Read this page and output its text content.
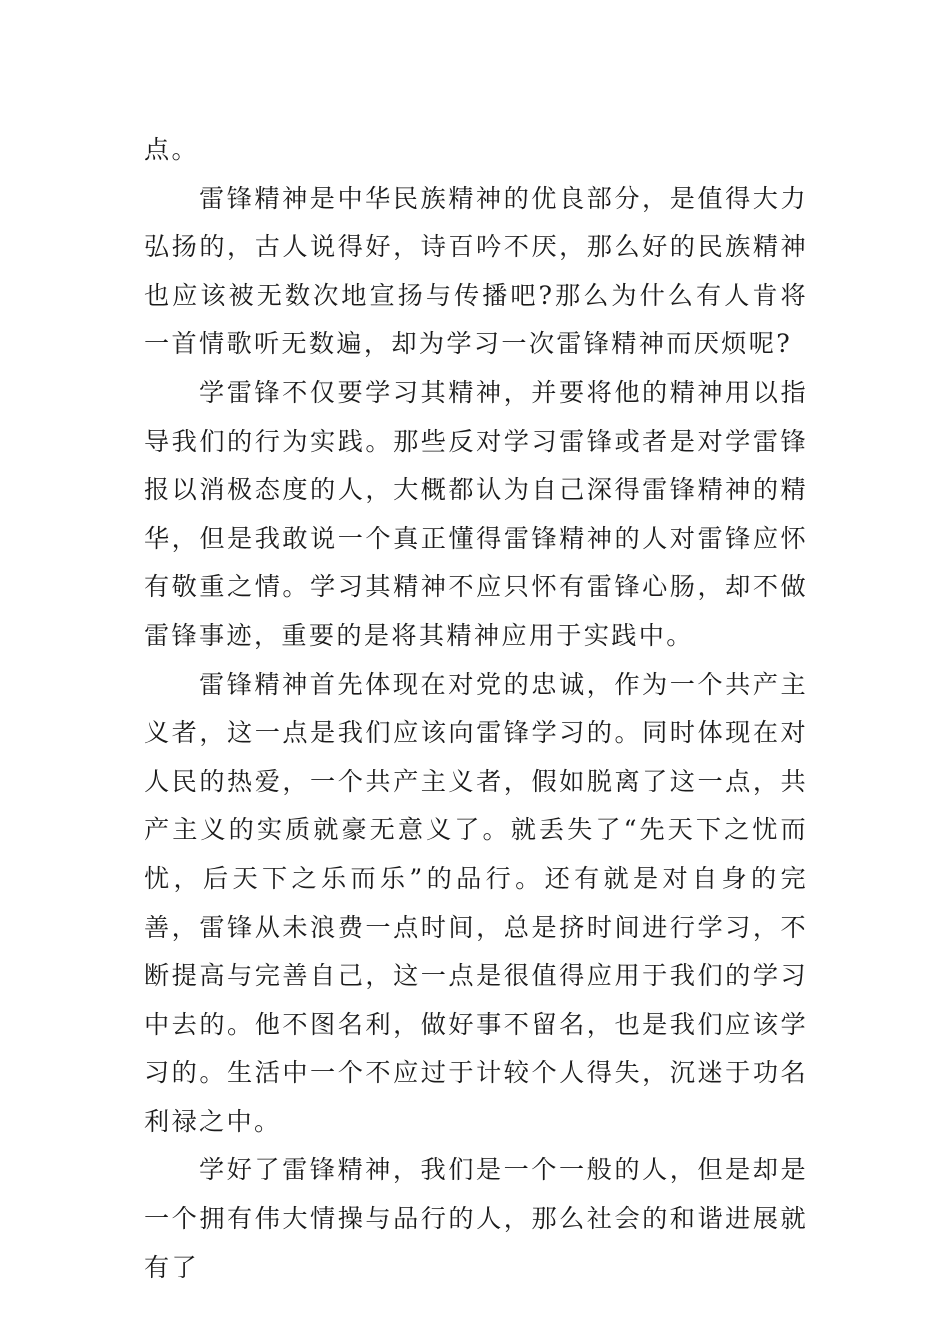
点。

雷锋精神是中华民族精神的优良部分，是值得大力弘扬的，古人说得好，诗百吟不厌，那么好的民族精神也应该被无数次地宣扬与传播吧?那么为什么有人肯将一首情歌听无数遍，却为学习一次雷锋精神而厌烦呢?

学雷锋不仅要学习其精神，并要将他的精神用以指导我们的行为实践。那些反对学习雷锋或者是对学雷锋报以消极态度的人，大概都认为自己深得雷锋精神的精华，但是我敢说一个真正懂得雷锋精神的人对雷锋应怀有敬重之情。学习其精神不应只怀有雷锋心肠，却不做雷锋事迹，重要的是将其精神应用于实践中。

雷锋精神首先体现在对党的忠诚，作为一个共产主义者，这一点是我们应该向雷锋学习的。同时体现在对人民的热爱，一个共产主义者，假如脱离了这一点，共产主义的实质就豪无意义了。就丢失了“先天下之忧而忧，后天下之乐而乐”的品行。还有就是对自身的完善，雷锋从未浪费一点时间，总是挤时间进行学习，不断提高与完善自己，这一点是很值得应用于我们的学习中去的。他不图名利，做好事不留名，也是我们应该学习的。生活中一个不应过于计较个人得失，沉迷于功名利禄之中。

学好了雷锋精神，我们是一个一般的人，但是却是一个拥有伟大情操与品行的人，那么社会的和谐进展就有了
